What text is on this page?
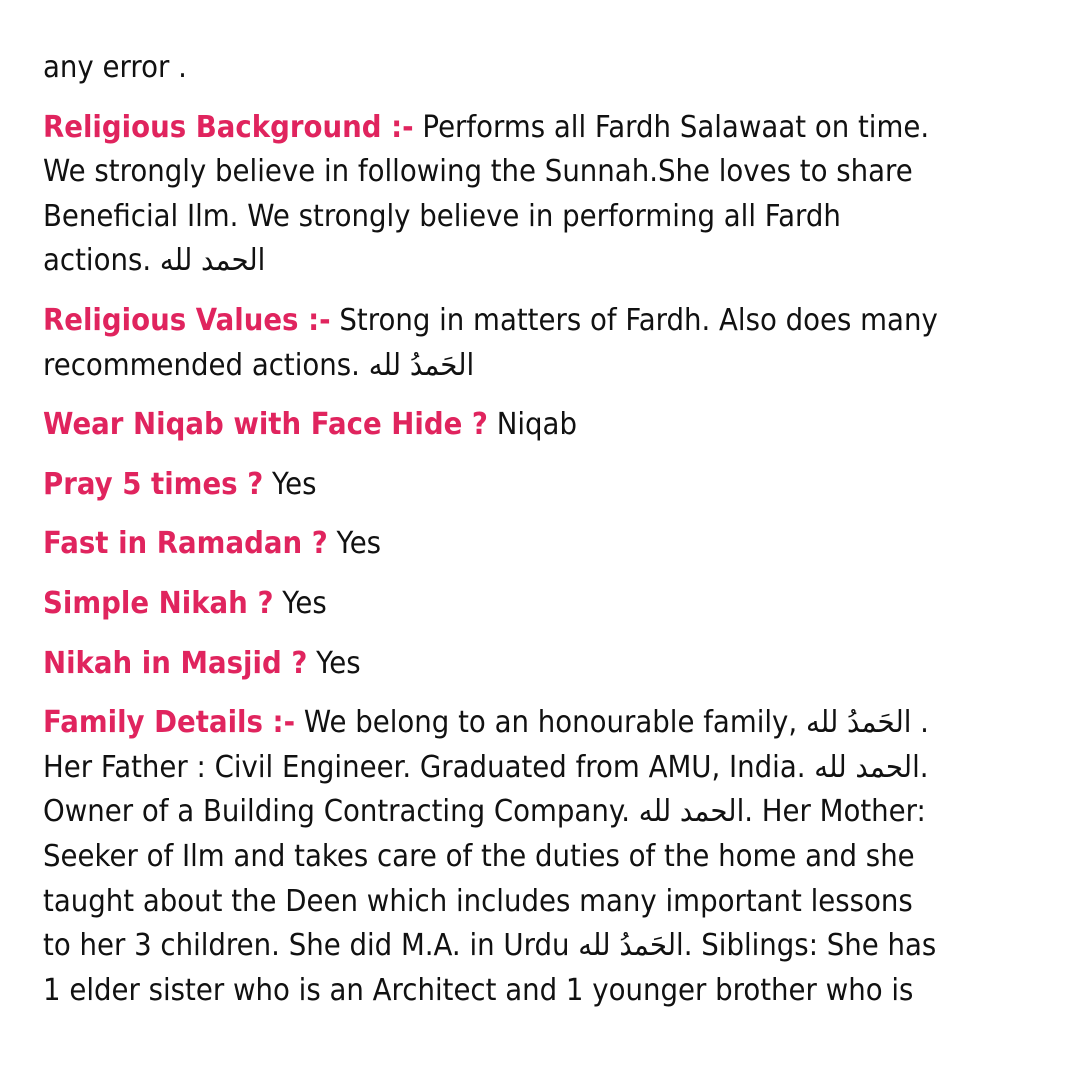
any error .

Religious Background :- Performs all Fardh Salawaat on time.
We strongly believe in following the Sunnah.She loves to share
Beneficial Ilm. We strongly believe in performing all Fardh
actions. الحمد لله

Religious Values :- Strong in matters of Fardh. Also does many
recommended actions. الحَمدُ لله

Wear Niqab with Face Hide ? Niqab

Pray 5 times ? Yes

Fast in Ramadan ? Yes

Simple Nikah ? Yes

Nikah in Masjid ? Yes

Family Details :- We belong to an honourable family, الحَمدُ لله .
Her Father : Civil Engineer. Graduated from AMU, India. الحمد لله.
Owner of a Building Contracting Company. الحمد لله. Her Mother:
Seeker of Ilm and takes care of the duties of the home and she
taught about the Deen which includes many important lessons
to her 3 children. She did M.A. in Urdu الحَمدُ لله. Siblings: She has
1 elder sister who is an Architect and 1 younger brother who is
